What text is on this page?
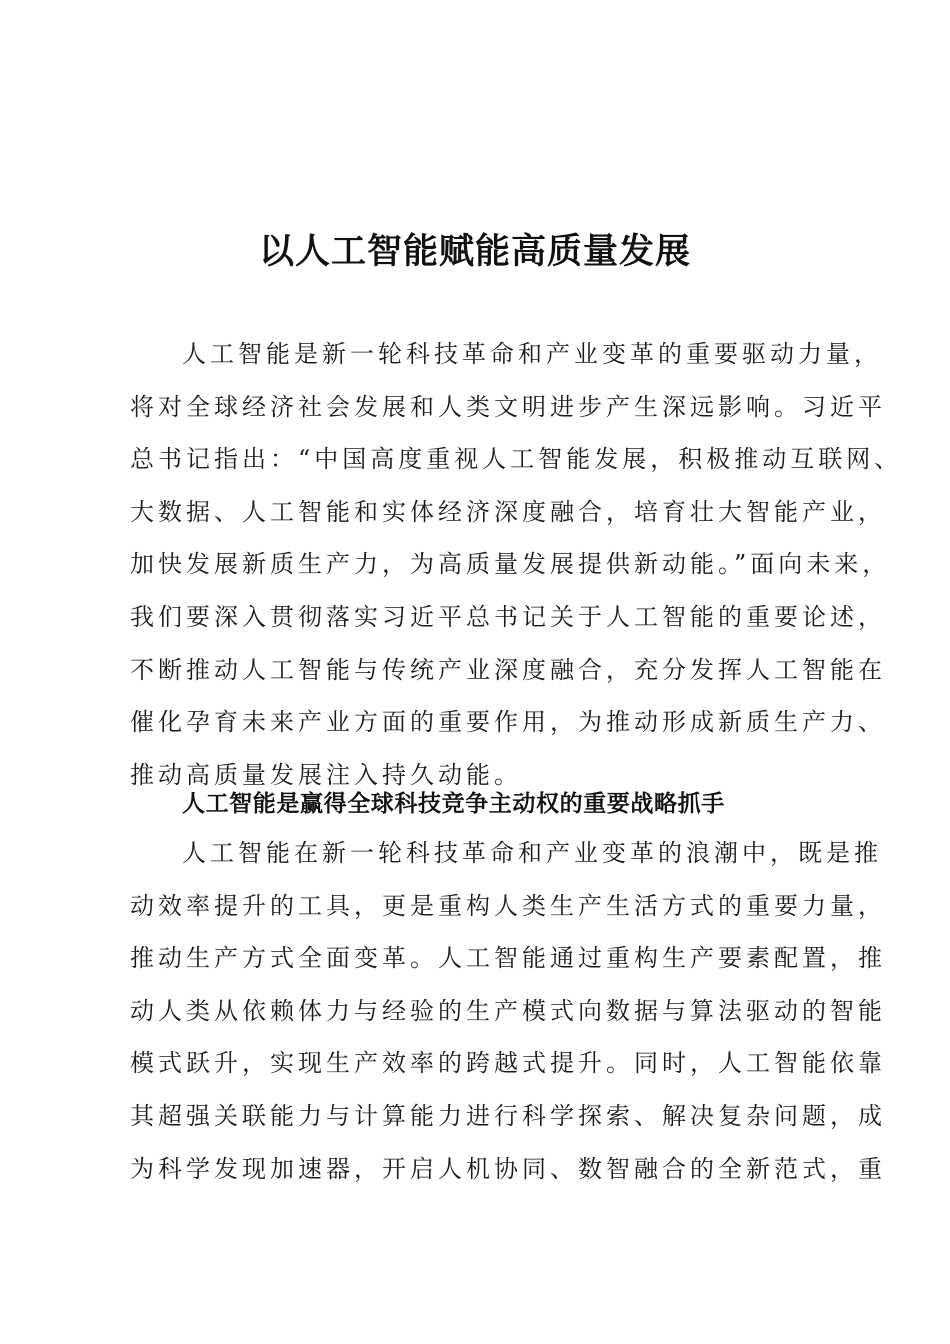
以人工智能赋能高质量发展
人工智能是新一轮科技革命和产业变革的重要驱动力量，
将对全球经济社会发展和人类文明进步产生深远影响。习近平
总书记指出：“中国高度重视人工智能发展，积极推动互联网、
大数据、人工智能和实体经济深度融合，培育壮大智能产业，
加快发展新质生产力，为高质量发展提供新动能。”面向未来，
我们要深入贯彻落实习近平总书记关于人工智能的重要论述，
不断推动人工智能与传统产业深度融合，充分发挥人工智能在
催化孕育未来产业方面的重要作用，为推动形成新质生产力、
推动高质量发展注入持久动能。
人工智能是赢得全球科技竞争主动权的重要战略抓手
人工智能在新一轮科技革命和产业变革的浪潮中，既是推
动效率提升的工具，更是重构人类生产生活方式的重要力量，
推动生产方式全面变革。人工智能通过重构生产要素配置，推
动人类从依赖体力与经验的生产模式向数据与算法驱动的智能
模式跃升，实现生产效率的跨越式提升。同时，人工智能依靠
其超强关联能力与计算能力进行科学探索、解决复杂问题，成
为科学发现加速器，开启人机协同、数智融合的全新范式，重
